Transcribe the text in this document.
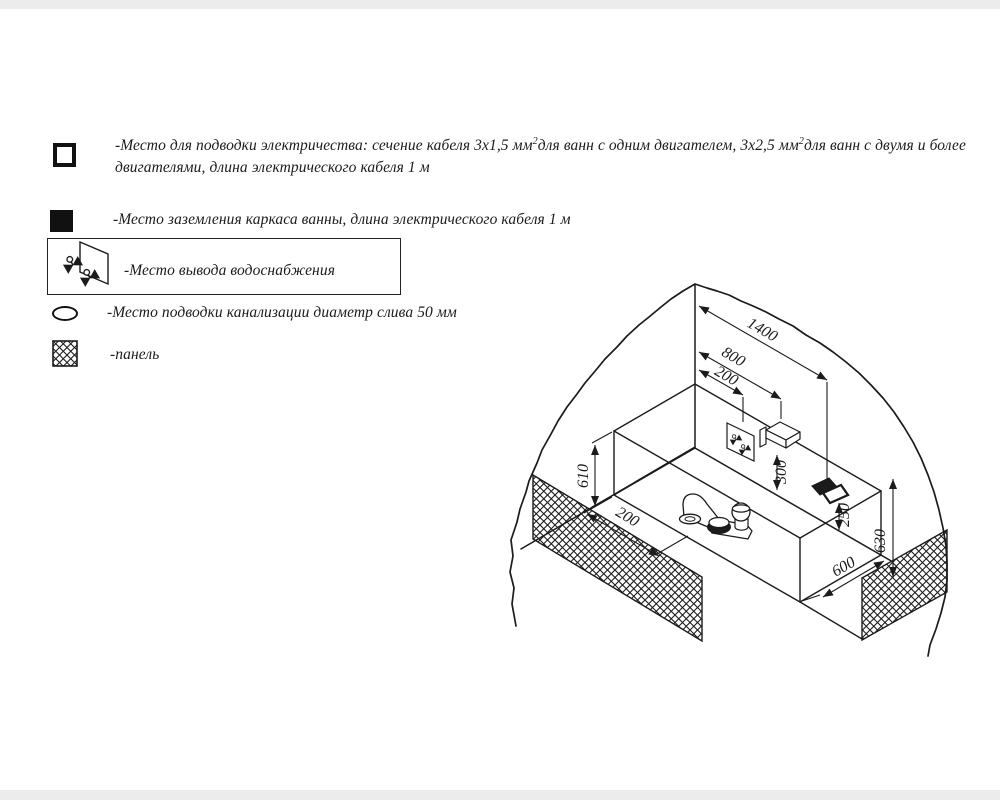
-Место для подводки электричества: сечение кабеля 3х1,5 $мм^2для$ ванн с одним двигателем, 3х2,5 $мм^2для$ ванн с двумя и более двигателями, длина электрического кабеля 1 м
-Место заземления каркаса ванны, длина электрического кабеля 1 м
-Место вывода водоснабжения
-Место подводки канализации диаметр слива 50 мм
-панель
1400
800
200
610
200
300
250
630
600
